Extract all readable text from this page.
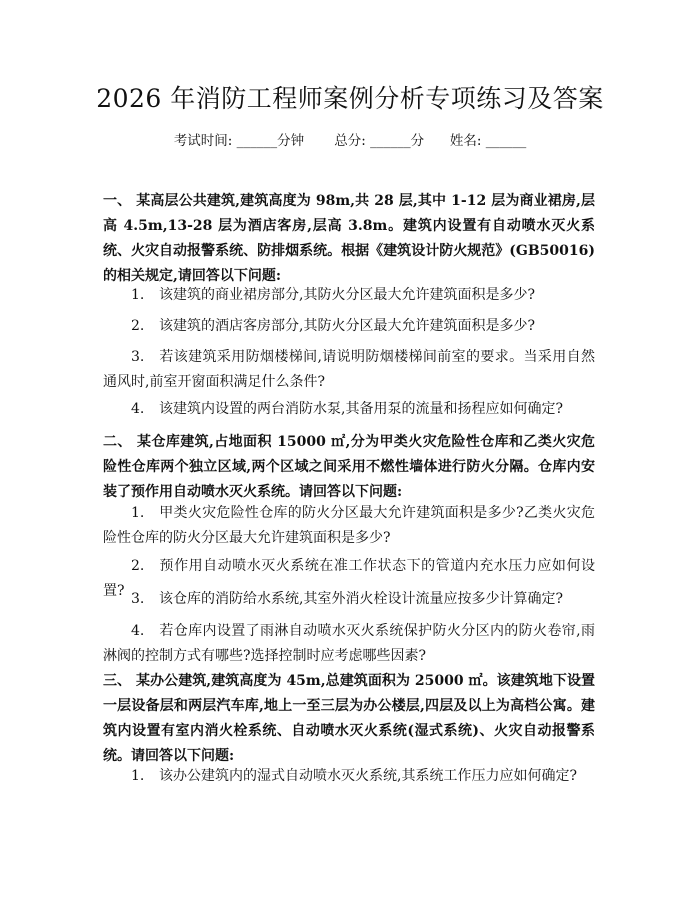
2026 年消防工程师案例分析专项练习及答案
考试时间: ______分钟 总分: ______分 姓名: ______
一、 某高层公共建筑,建筑高度为 98m,共 28 层,其中 1-12 层为商业裙房,层高 4.5m,13-28 层为酒店客房,层高 3.8m。建筑内设置有自动喷水灭火系统、火灾自动报警系统、防排烟系统。根据《建筑设计防火规范》(GB50016)的相关规定,请回答以下问题:
1. 该建筑的商业裙房部分,其防火分区最大允许建筑面积是多少?
2. 该建筑的酒店客房部分,其防火分区最大允许建筑面积是多少?
3. 若该建筑采用防烟楼梯间,请说明防烟楼梯间前室的要求。当采用自然通风时,前室开窗面积满足什么条件?
4. 该建筑内设置的两台消防水泵,其备用泵的流量和扬程应如何确定?
二、 某仓库建筑,占地面积 15000 ㎡,分为甲类火灾危险性仓库和乙类火灾危险性仓库两个独立区域,两个区域之间采用不燃性墙体进行防火分隔。仓库内安装了预作用自动喷水灭火系统。请回答以下问题:
1. 甲类火灾危险性仓库的防火分区最大允许建筑面积是多少?乙类火灾危险性仓库的防火分区最大允许建筑面积是多少?
2. 预作用自动喷水灭火系统在准工作状态下的管道内充水压力应如何设置? 3. 该仓库的消防给水系统,其室外消火栓设计流量应按多少计算确定?
4. 若仓库内设置了雨淋自动喷水灭火系统保护防火分区内的防火卷帘,雨淋阀的控制方式有哪些?选择控制时应考虑哪些因素?
三、 某办公建筑,建筑高度为 45m,总建筑面积为 25000 ㎡。该建筑地下设置一层设备层和两层汽车库,地上一至三层为办公楼层,四层及以上为高档公寓。建筑内设置有室内消火栓系统、自动喷水灭火系统(湿式系统)、火灾自动报警系统。请回答以下问题:
1. 该办公建筑内的湿式自动喷水灭火系统,其系统工作压力应如何确定?
